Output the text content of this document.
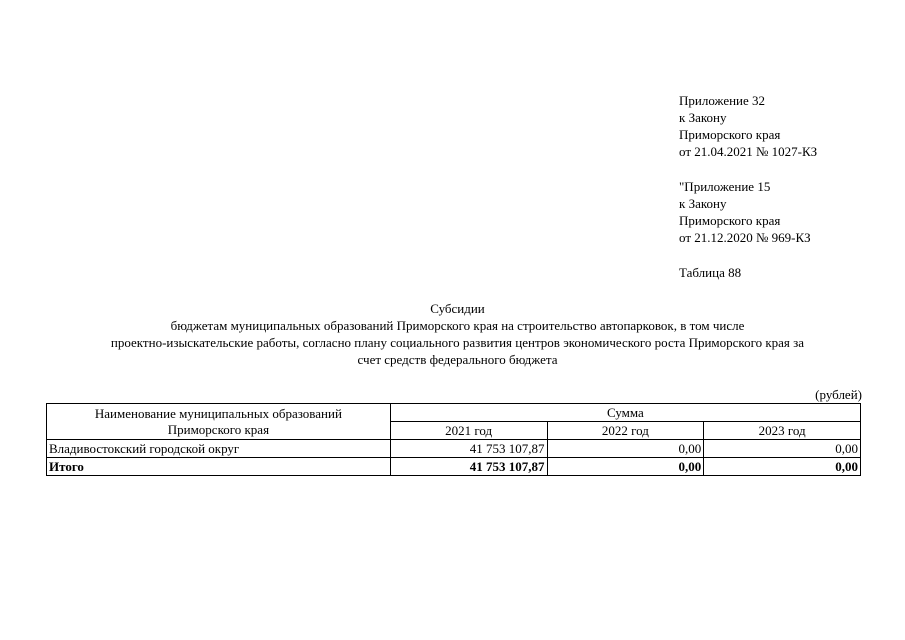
Приложение 32
к Закону
Приморского края
от 21.04.2021 № 1027-КЗ
"Приложение 15
к Закону
Приморского края
от 21.12.2020 № 969-КЗ
Таблица 88
Субсидии
бюджетам муниципальных образований Приморского края на строительство автопарковок, в том числе
проектно-изыскательские работы, согласно плану социального развития центров экономического роста Приморского края за
счет средств федерального бюджета
(рублей)
Наименование муниципальных образований
Приморского края	Сумма		
	2021 год	2022 год	2023 год
Владивостокский городской округ	41 753 107,87	0,00	0,00
Итого	41 753 107,87	0,00	0,00
